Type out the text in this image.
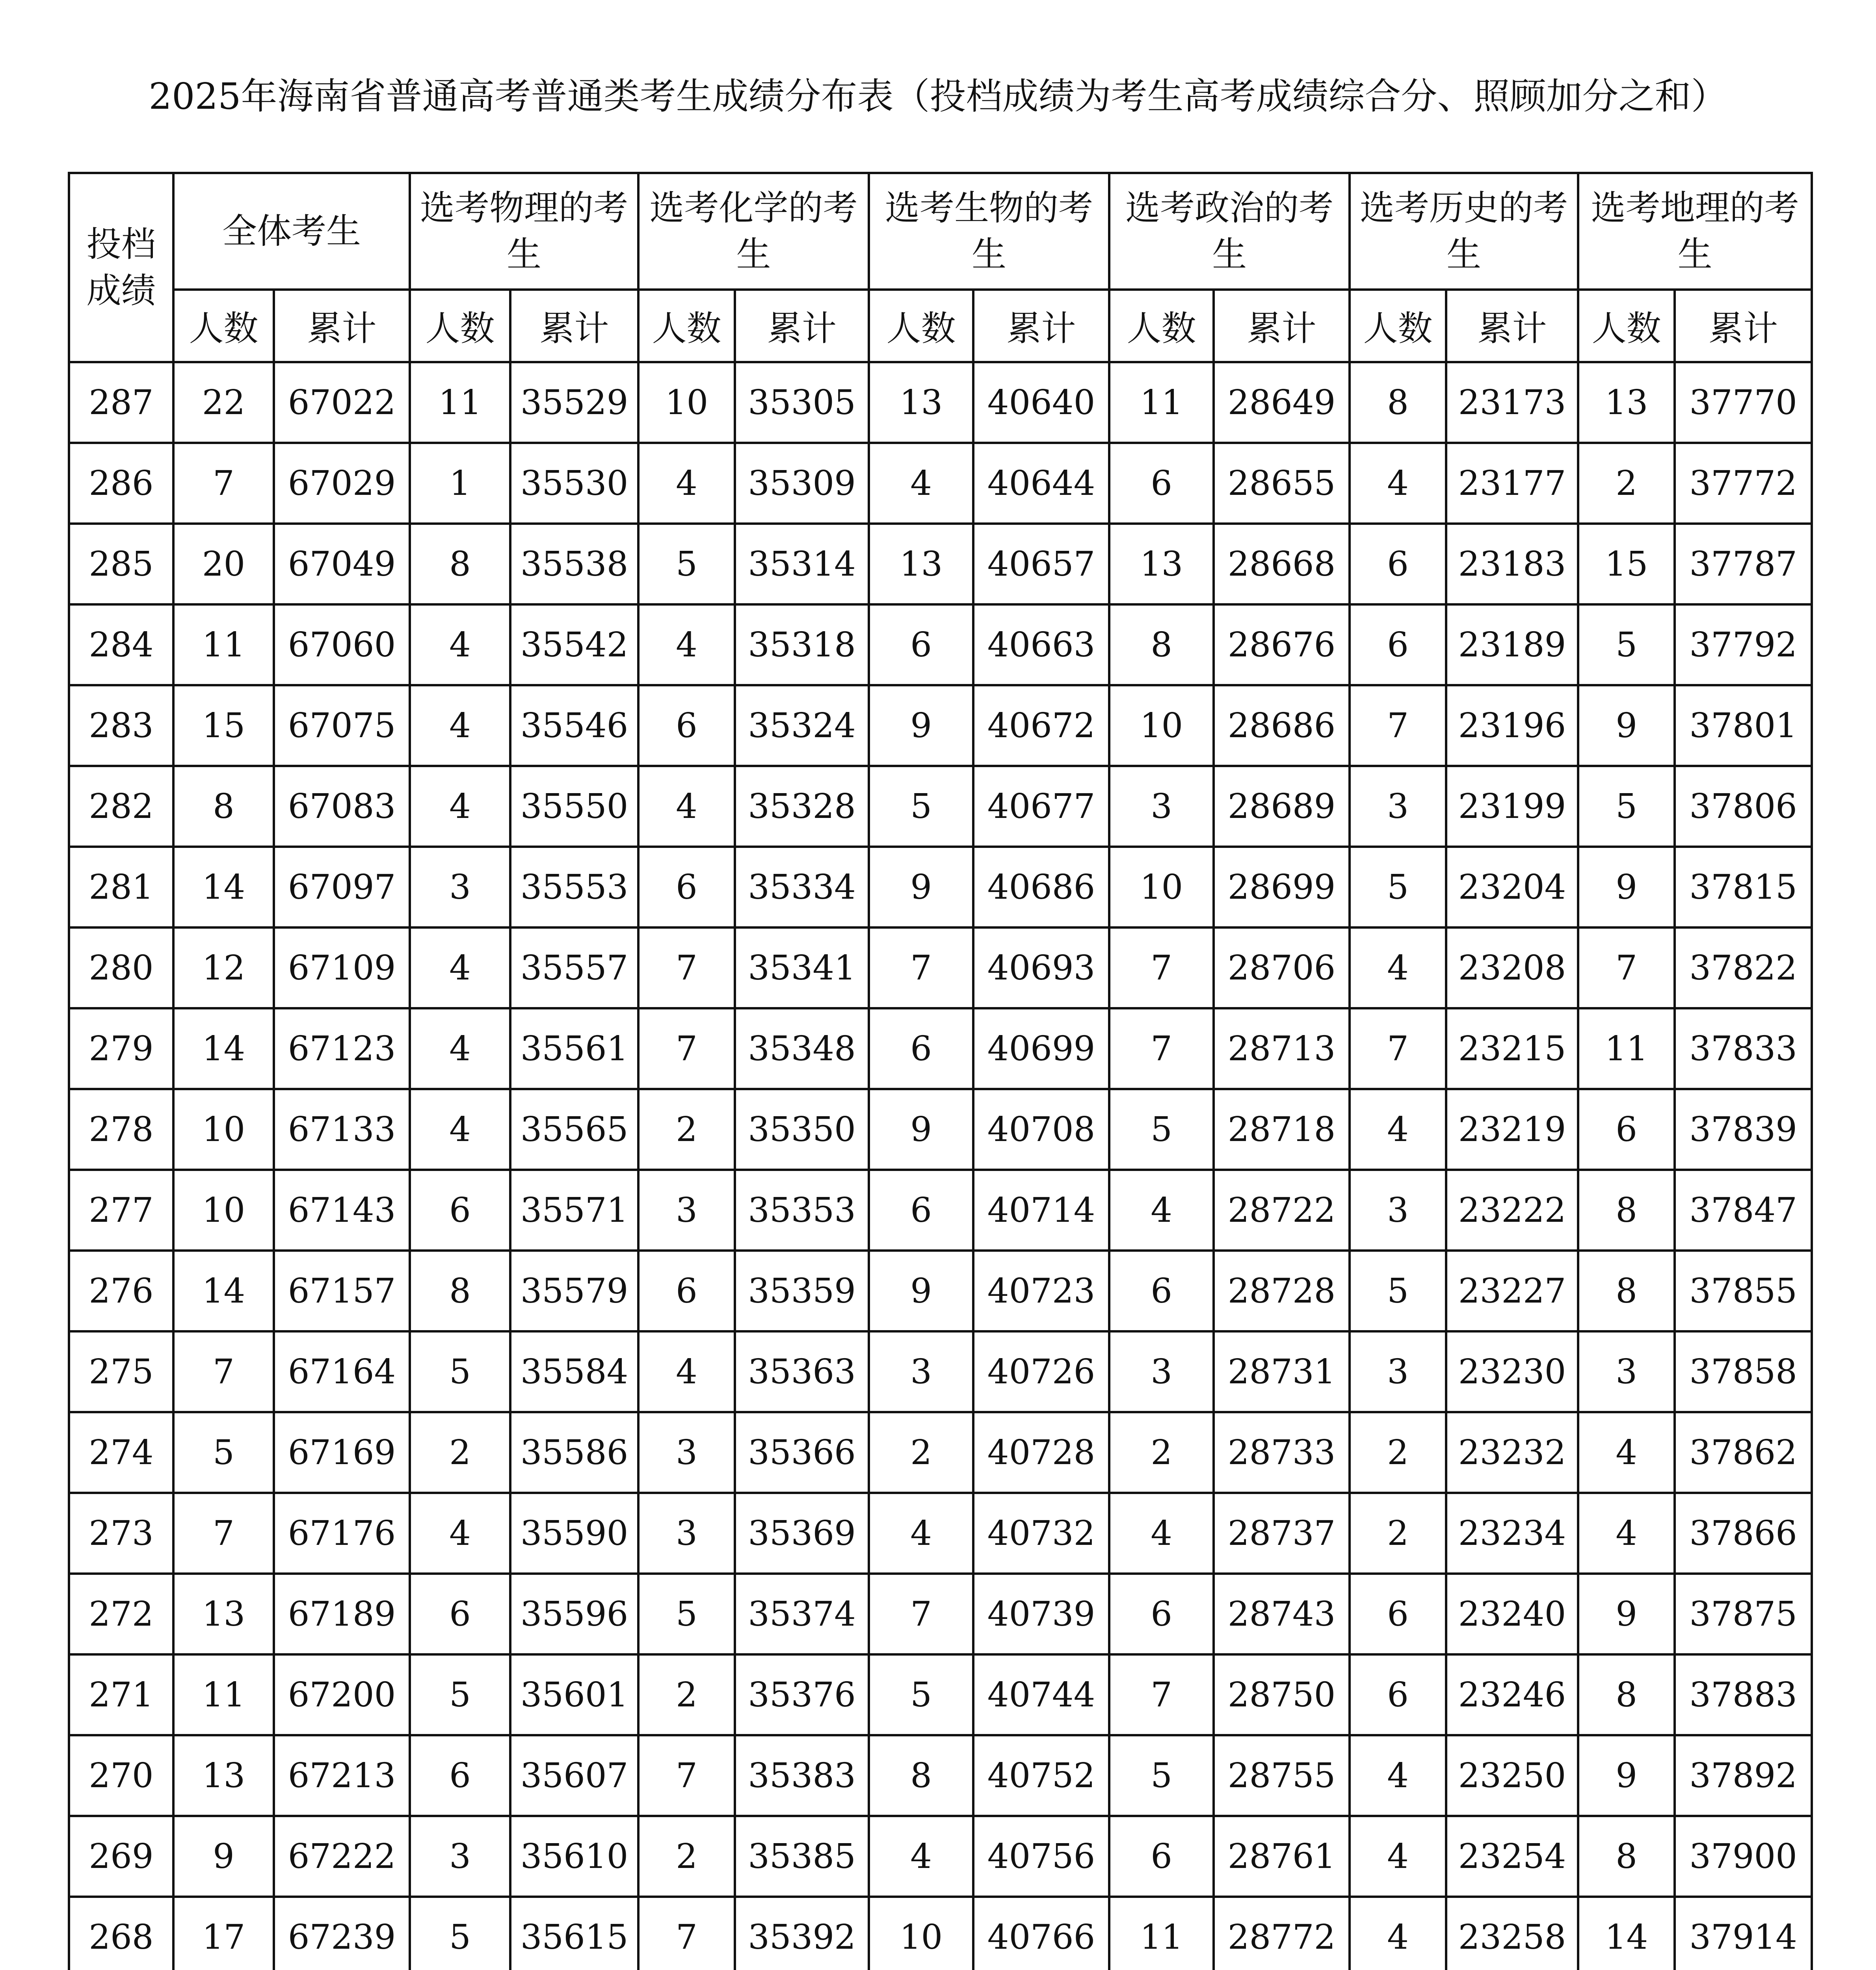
2025年海南省普通高考普通类考生成绩分布表（投档成绩为考生高考成绩综合分、照顾加分之和）
投档成绩	全体考生		选考物理的考生		选考化学的考生		选考生物的考生		选考政治的考生		选考历史的考生		选考地理的考生	
	人数	累计	人数	累计	人数	累计	人数	累计	人数	累计	人数	累计	人数	累计
287	22	67022	11	35529	10	35305	13	40640	11	28649	8	23173	13	37770
286	7	67029	1	35530	4	35309	4	40644	6	28655	4	23177	2	37772
285	20	67049	8	35538	5	35314	13	40657	13	28668	6	23183	15	37787
284	11	67060	4	35542	4	35318	6	40663	8	28676	6	23189	5	37792
283	15	67075	4	35546	6	35324	9	40672	10	28686	7	23196	9	37801
282	8	67083	4	35550	4	35328	5	40677	3	28689	3	23199	5	37806
281	14	67097	3	35553	6	35334	9	40686	10	28699	5	23204	9	37815
280	12	67109	4	35557	7	35341	7	40693	7	28706	4	23208	7	37822
279	14	67123	4	35561	7	35348	6	40699	7	28713	7	23215	11	37833
278	10	67133	4	35565	2	35350	9	40708	5	28718	4	23219	6	37839
277	10	67143	6	35571	3	35353	6	40714	4	28722	3	23222	8	37847
276	14	67157	8	35579	6	35359	9	40723	6	28728	5	23227	8	37855
275	7	67164	5	35584	4	35363	3	40726	3	28731	3	23230	3	37858
274	5	67169	2	35586	3	35366	2	40728	2	28733	2	23232	4	37862
273	7	67176	4	35590	3	35369	4	40732	4	28737	2	23234	4	37866
272	13	67189	6	35596	5	35374	7	40739	6	28743	6	23240	9	37875
271	11	67200	5	35601	2	35376	5	40744	7	28750	6	23246	8	37883
270	13	67213	6	35607	7	35383	8	40752	5	28755	4	23250	9	37892
269	9	67222	3	35610	2	35385	4	40756	6	28761	4	23254	8	37900
268	17	67239	5	35615	7	35392	10	40766	11	28772	4	23258	14	37914
